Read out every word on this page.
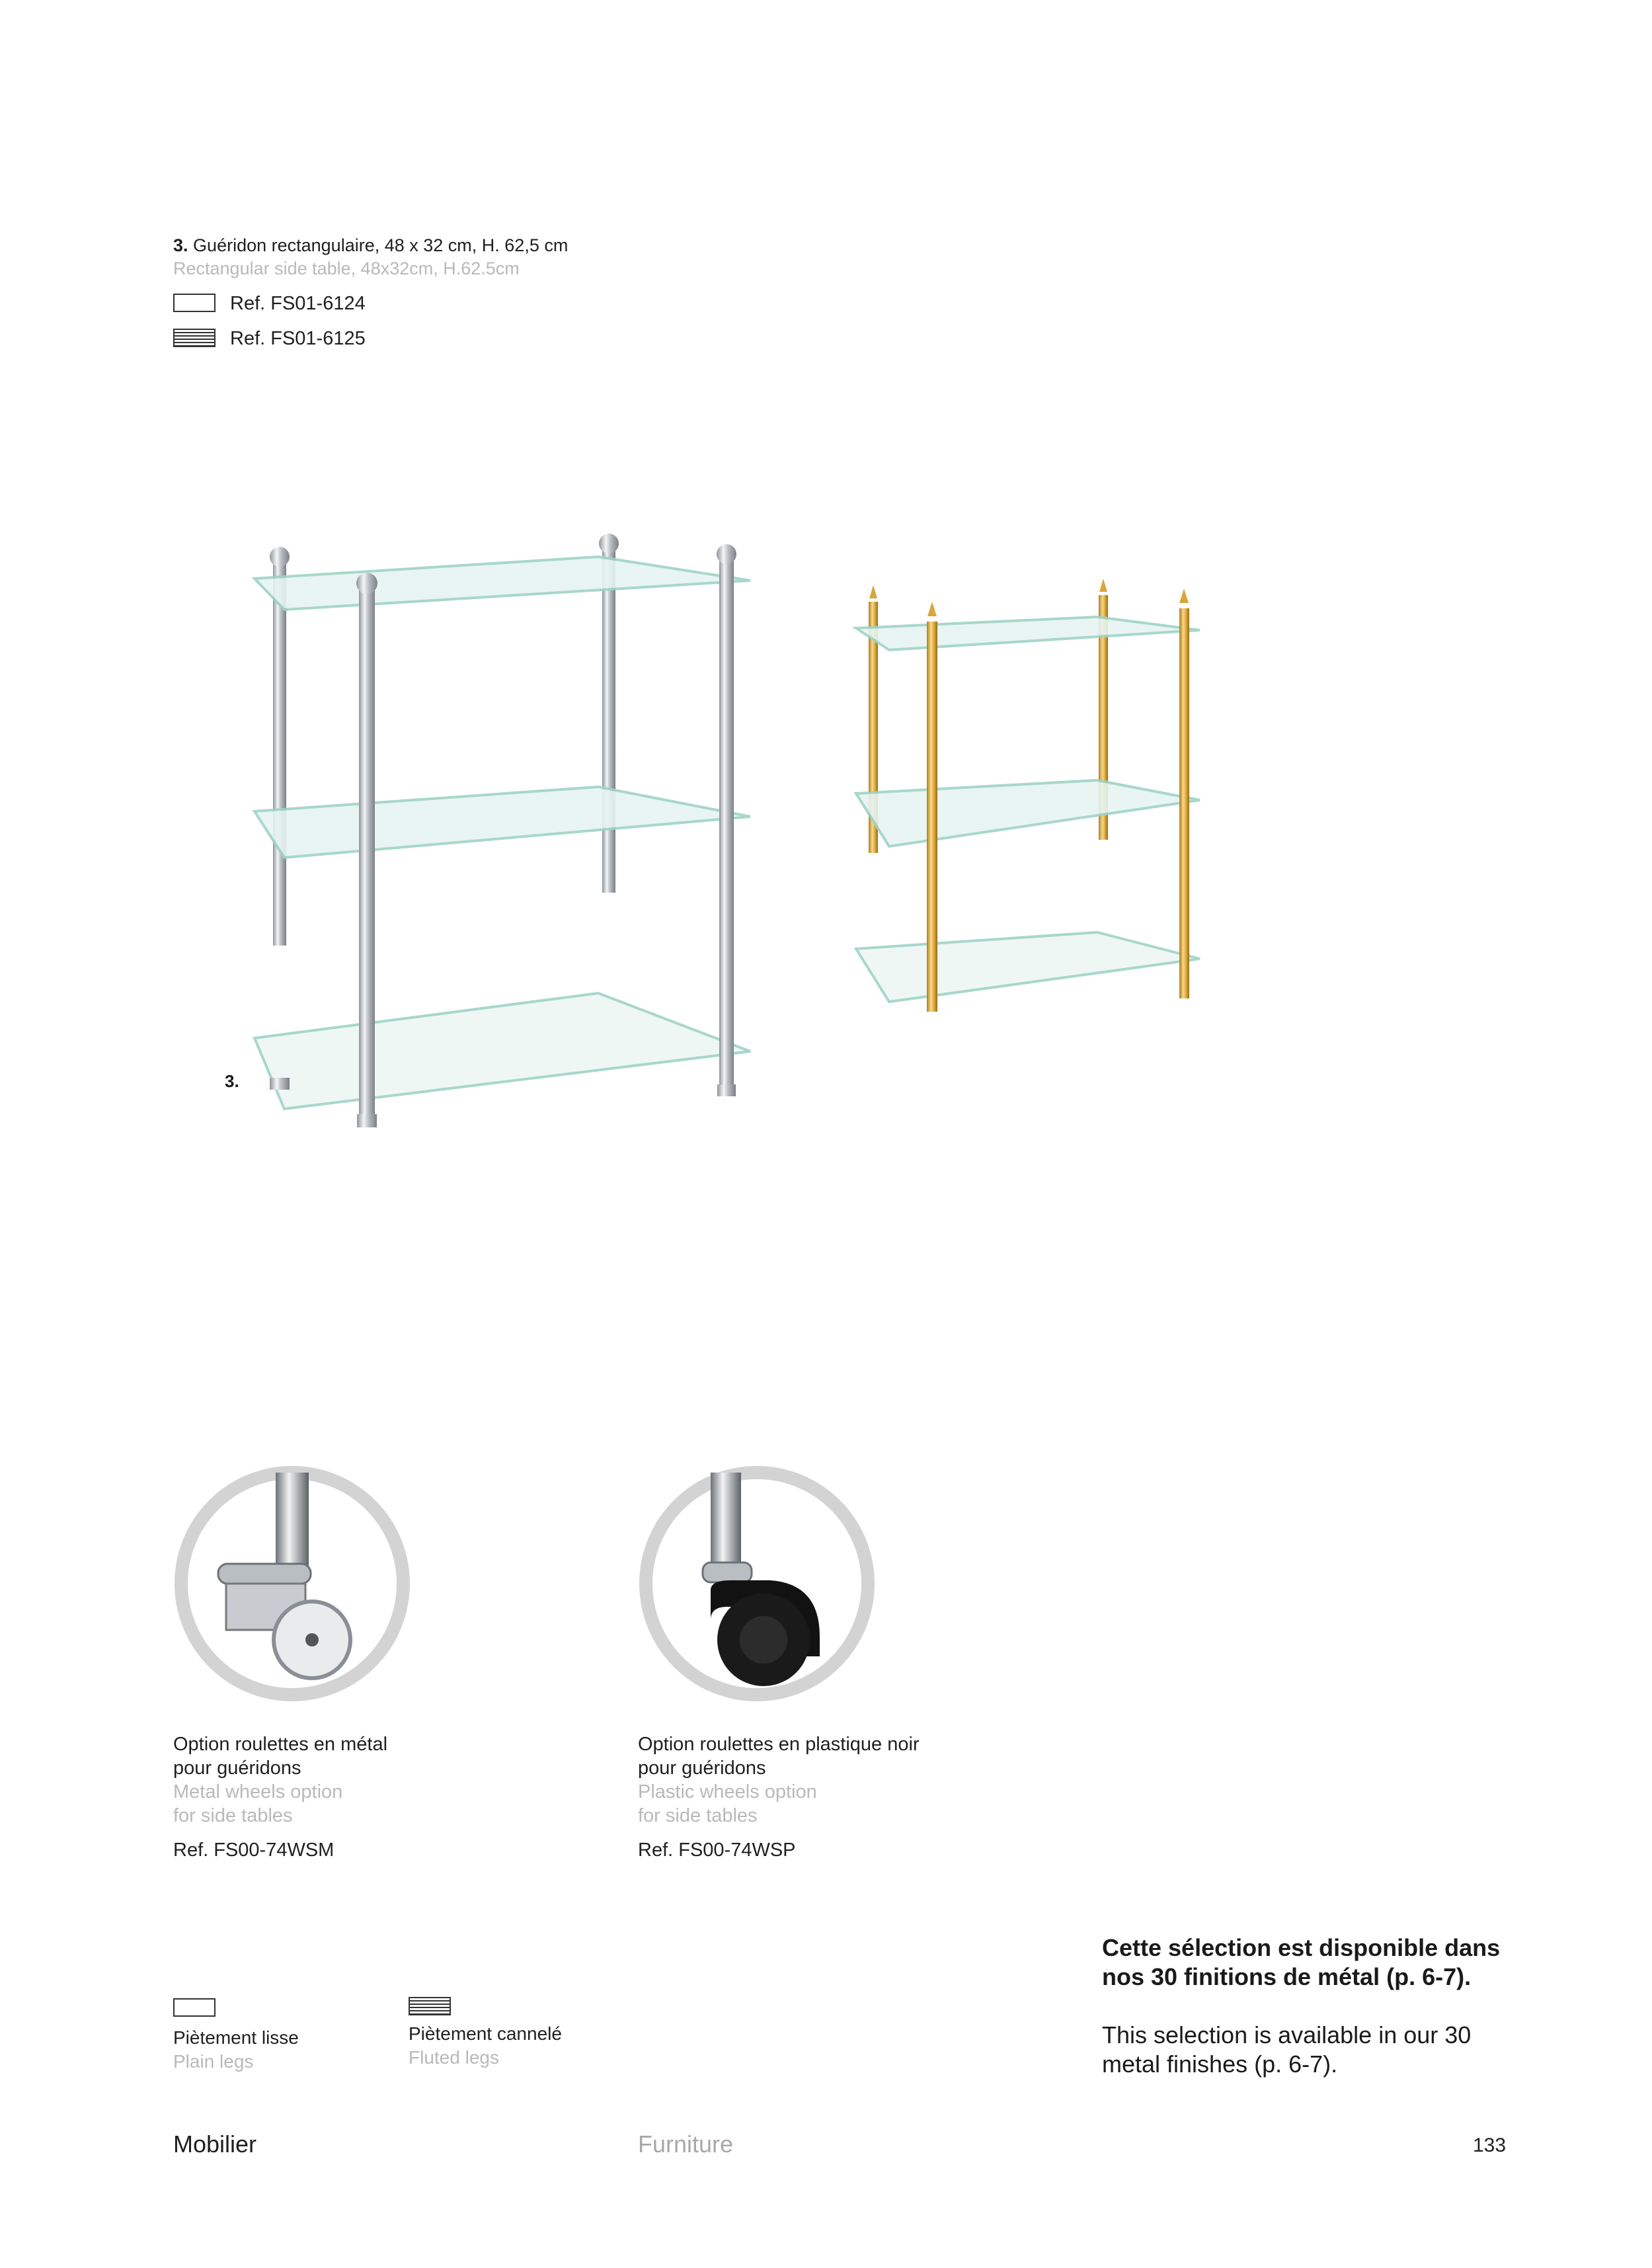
3. Guéridon rectangulaire, 48 x 32 cm, H. 62,5 cm
Rectangular side table, 48x32cm, H.62.5cm
Ref. FS01-6124
Ref. FS01-6125
3.
Option roulettes en métal
pour guéridons
Metal wheels option
for side tables
Ref. FS00-74WSM
Option roulettes en plastique noir
pour guéridons
Plastic wheels option
for side tables
Ref. FS00-74WSP
Cette sélection est disponible dans
nos 30 finitions de métal (p. 6-7).
This selection is available in our 30
metal finishes (p. 6-7).
Piètement lisse
Plain legs
Piètement cannelé
Fluted legs
Mobilier	Furniture	133
